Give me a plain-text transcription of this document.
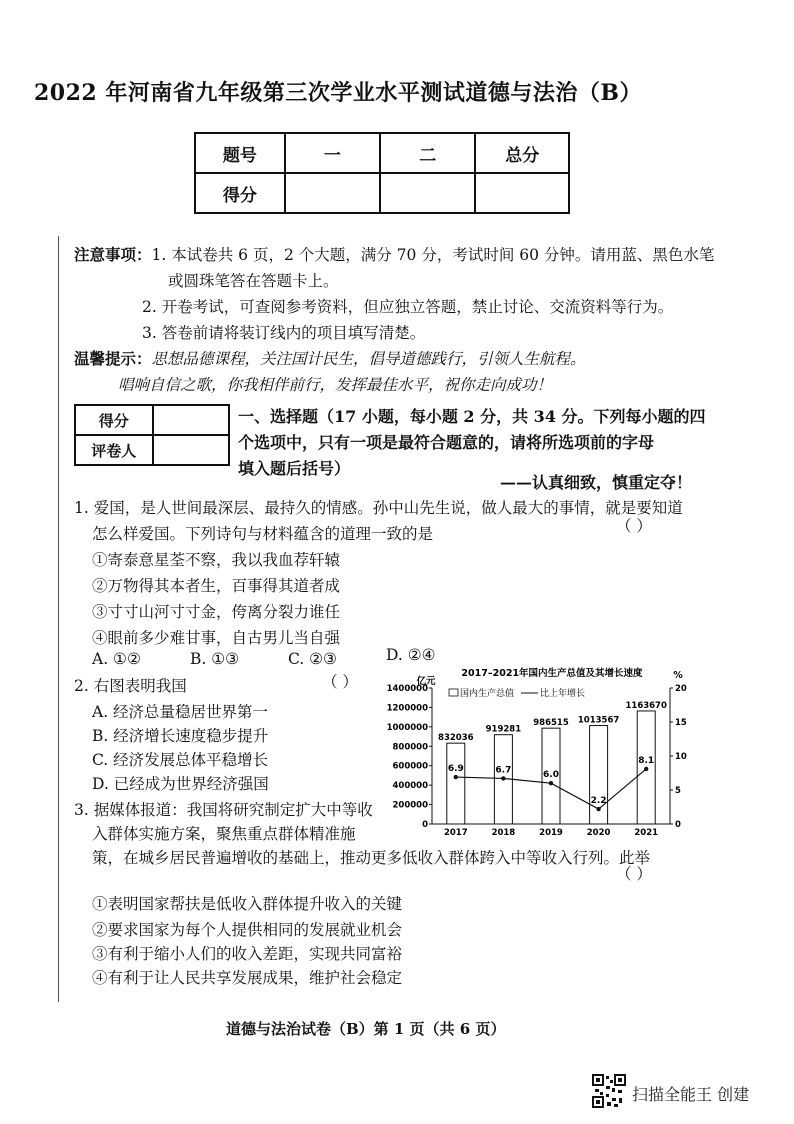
2022 年河南省九年级第三次学业水平测试道德与法治（B）
题号	一	二	总分
得分			
注意事项：1. 本试卷共 6 页，2 个大题，满分 70 分，考试时间 60 分钟。请用蓝、黑色水笔
或圆珠笔答在答题卡上。
2. 开卷考试，可查阅参考资料，但应独立答题，禁止讨论、交流资料等行为。
3. 答卷前请将装订线内的项目填写清楚。
温馨提示：思想品德课程，关注国计民生，倡导道德践行，引领人生航程。
唱响自信之歌，你我相伴前行，发挥最佳水平，祝你走向成功！
得分	
评卷人	
一、选择题（17 小题，每小题 2 分，共 34 分。下列每小题的四
个选项中，只有一项是最符合题意的，请将所选项前的字母
填入题后括号）
——认真细致，慎重定夺！
1. 爱国，是人世间最深层、最持久的情感。孙中山先生说，做人最大的事情，就是要知道
怎么样爱国。下列诗句与材料蕴含的道理一致的是	（ ）
①寄泰意星荃不察，我以我血荐轩辕
②万物得其本者生，百事得其道者成
③寸寸山河寸寸金，侉离分裂力谁任
④眼前多少难甘事，自古男儿当自强
A. ①②	B. ①③	C. ②③	D. ②④
2. 右图表明我国	（ ）
A. 经济总量稳居世界第一
B. 经济增长速度稳步提升
C. 经济发展总体平稳增长
D. 已经成为世界经济强国
2017–2021年国内生产总值及其增长速度
亿元
%
0
200000
400000
600000
800000
1000000
1200000
1400000
0
5
10
15
20
832036
2017
919281
2018
986515
2019
1013567
2020
1163670
2021
6.9	6.7	6.0
2.2
8.1
国内生产总值	比上年增长
3. 据媒体报道：我国将研究制定扩大中等收
入群体实施方案，聚焦重点群体精准施
策，在城乡居民普遍增收的基础上，推动更多低收入群体跨入中等收入行列。此举
（ ）
①表明国家帮扶是低收入群体提升收入的关键
②要求国家为每个人提供相同的发展就业机会
③有利于缩小人们的收入差距，实现共同富裕
④有利于让人民共享发展成果，维护社会稳定
道德与法治试卷（B）第 1 页（共 6 页）
扫描全能王 创建
